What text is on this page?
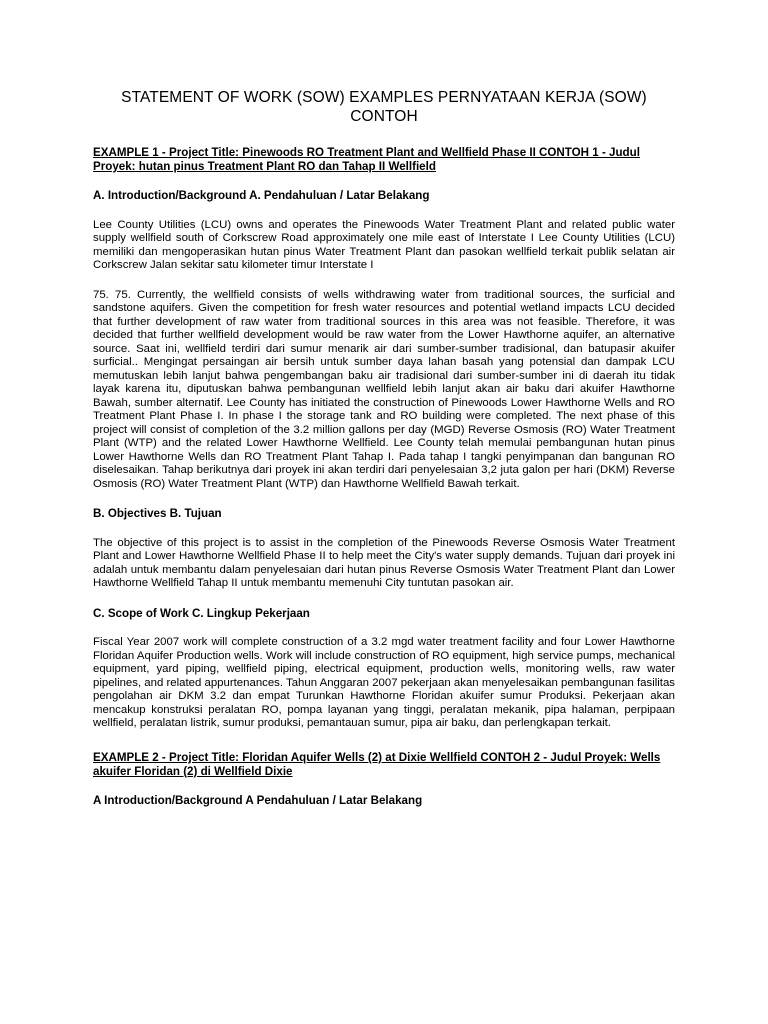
STATEMENT OF WORK (SOW) EXAMPLES PERNYATAAN KERJA (SOW) CONTOH

EXAMPLE 1 - Project Title: Pinewoods RO Treatment Plant and Wellfield Phase II CONTOH 1 - Judul Proyek: hutan pinus Treatment Plant RO dan Tahap II Wellfield

A. Introduction/Background A. Pendahuluan / Latar Belakang

Lee County Utilities (LCU) owns and operates the Pinewoods Water Treatment Plant and related public water supply wellfield south of Corkscrew Road approximately one mile east of Interstate I Lee County Utilities (LCU) memiliki dan mengoperasikan hutan pinus Water Treatment Plant dan pasokan wellfield terkait publik selatan air Corkscrew Jalan sekitar satu kilometer timur Interstate I

75. 75. Currently, the wellfield consists of wells withdrawing water from traditional sources, the surficial and sandstone aquifers. Given the competition for fresh water resources and potential wetland impacts LCU decided that further development of raw water from traditional sources in this area was not feasible. Therefore, it was decided that further wellfield development would be raw water from the Lower Hawthorne aquifer, an alternative source. Saat ini, wellfield terdiri dari sumur menarik air dari sumber-sumber tradisional, dan batupasir akuifer surficial.. Mengingat persaingan air bersih untuk sumber daya lahan basah yang potensial dan dampak LCU memutuskan lebih lanjut bahwa pengembangan baku air tradisional dari sumber-sumber ini di daerah itu tidak layak karena itu, diputuskan bahwa pembangunan wellfield lebih lanjut akan air baku dari akuifer Hawthorne Bawah, sumber alternatif. Lee County has initiated the construction of Pinewoods Lower Hawthorne Wells and RO Treatment Plant Phase I. In phase I the storage tank and RO building were completed. The next phase of this project will consist of completion of the 3.2 million gallons per day (MGD) Reverse Osmosis (RO) Water Treatment Plant (WTP) and the related Lower Hawthorne Wellfield. Lee County telah memulai pembangunan hutan pinus Lower Hawthorne Wells dan RO Treatment Plant Tahap I. Pada tahap I tangki penyimpanan dan bangunan RO diselesaikan. Tahap berikutnya dari proyek ini akan terdiri dari penyelesaian 3,2 juta galon per hari (DKM) Reverse Osmosis (RO) Water Treatment Plant (WTP) dan Hawthorne Wellfield Bawah terkait.

B. Objectives B. Tujuan

The objective of this project is to assist in the completion of the Pinewoods Reverse Osmosis Water Treatment Plant and Lower Hawthorne Wellfield Phase II to help meet the City's water supply demands. Tujuan dari proyek ini adalah untuk membantu dalam penyelesaian dari hutan pinus Reverse Osmosis Water Treatment Plant dan Lower Hawthorne Wellfield Tahap II untuk membantu memenuhi City tuntutan pasokan air.

C. Scope of Work C. Lingkup Pekerjaan

Fiscal Year 2007 work will complete construction of a 3.2 mgd water treatment facility and four Lower Hawthorne Floridan Aquifer Production wells. Work will include construction of RO equipment, high service pumps, mechanical equipment, yard piping, wellfield piping, electrical equipment, production wells, monitoring wells, raw water pipelines, and related appurtenances. Tahun Anggaran 2007 pekerjaan akan menyelesaikan pembangunan fasilitas pengolahan air DKM 3.2 dan empat Turunkan Hawthorne Floridan akuifer sumur Produksi. Pekerjaan akan mencakup konstruksi peralatan RO, pompa layanan yang tinggi, peralatan mekanik, pipa halaman, perpipaan wellfield, peralatan listrik, sumur produksi, pemantauan sumur, pipa air baku, dan perlengkapan terkait.

EXAMPLE 2 - Project Title: Floridan Aquifer Wells (2) at Dixie Wellfield CONTOH 2 - Judul Proyek: Wells akuifer Floridan (2) di Wellfield Dixie

A Introduction/Background A Pendahuluan / Latar Belakang
